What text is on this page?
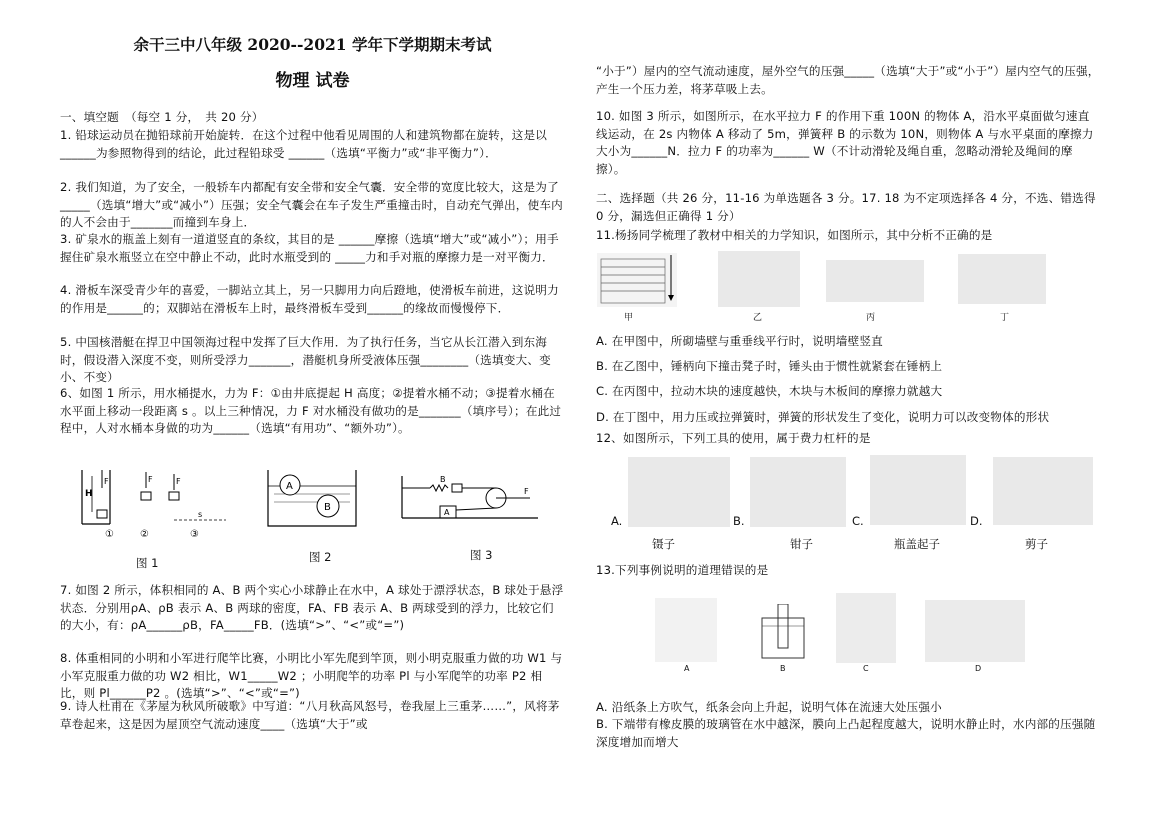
余干三中八年级 2020--2021 学年下学期期末考试
物理 试卷
一、填空题　（每空 1 分，　共 20 分）
1. 铅球运动员在抛铅球前开始旋转．在这个过程中他看见周围的人和建筑物都在旋转，这是以 ______为参照物得到的结论，此过程铅球受 ______（选填“平衡力”或“非平衡力”）．
2. 我们知道，为了安全，一般轿车内都配有安全带和安全气囊．安全带的宽度比较大，这是为了_____（选填“增大”或“减小”）压强；安全气囊会在车子发生严重撞击时，自动充气弹出，使车内的人不会由于_______而撞到车身上．
3. 矿泉水的瓶盖上刻有一道道竖直的条纹，其目的是 ______摩擦（选填“增大”或“减小”）；用手握住矿泉水瓶竖立在空中静止不动，此时水瓶受到的 _____力和手对瓶的摩擦力是一对平衡力．
4. 滑板车深受青少年的喜爱，一脚站立其上，另一只脚用力向后蹬地，使滑板车前进，这说明力的作用是______的；双脚站在滑板车上时，最终滑板车受到______的缘故而慢慢停下．
5. 中国核潜艇在捍卫中国领海过程中发挥了巨大作用．为了执行任务，当它从长江潜入到东海时，假设潜入深度不变，则所受浮力_______，潜艇机身所受液体压强________（选填变大、变小、不变）
6、如图 1 所示，用水桶提水，力为 F：①由井底提起 H 高度；②提着水桶不动；③提着水桶在水平面上移动一段距离 s 。以上三种情况，力 F 对水桶没有做功的是_______（填序号）；在此过程中，人对水桶本身做的功为______（选填“有用功”、“额外功”）。
H
F	F	F
s
①	②	③
图 1
A
B
图 2
B
A
F
图 3
7. 如图 2 所示，体积相同的 A、B 两个实心小球静止在水中，A 球处于漂浮状态，B 球处于悬浮状态．分别用ρA、ρB 表示 A、B 两球的密度，FA、FB 表示 A、B 两球受到的浮力，比较它们的大小，有：ρA______ρB，FA_____FB．(选填“>”、“<”或“=”)
8. 体重相同的小明和小军进行爬竿比赛，小明比小军先爬到竿顶，则小明克服重力做的功 W1 与小军克服重力做的功 W2 相比，W1_____W2 ；小明爬竿的功率 Pl 与小军爬竿的功率 P2 相比，则 Pl______P2 。(选填“>”、“<”或“=”)
9. 诗人杜甫在《茅屋为秋风所破歌》中写道：“八月秋高风怒号，卷我屋上三重茅……”，风将茅草卷起来，这是因为屋顶空气流动速度____（选填“大于”或
“小于”）屋内的空气流动速度，屋外空气的压强_____（选填“大于”或“小于”）屋内空气的压强，产生一个压力差，将茅草吸上去。
10. 如图 3 所示，如图所示，在水平拉力 F 的作用下重 100N 的物体 A，沿水平桌面做匀速直线运动，在 2s 内物体 A 移动了 5m，弹簧秤 B 的示数为 10N，则物体 A 与水平桌面的摩擦力大小为______N．拉力 F 的功率为______ W（不计动滑轮及绳自重，忽略动滑轮及绳间的摩擦）。
二、选择题（共 26 分，11-16 为单选题各 3 分。17. 18 为不定项选择各 4 分，不选、错选得 0 分，漏选但正确得 1 分）
11.杨扬同学梳理了教材中相关的力学知识，如图所示，其中分析不正确的是
甲	乙	丙	丁
A. 在甲图中，所砌墙壁与重垂线平行时，说明墙壁竖直
B. 在乙图中，锤柄向下撞击凳子时，锤头由于惯性就紧套在锤柄上
C. 在丙图中，拉动木块的速度越快，木块与木板间的摩擦力就越大
D. 在丁图中，用力压或拉弹簧时，弹簧的形状发生了变化，说明力可以改变物体的形状
12、如图所示，下列工具的使用，属于费力杠杆的是
A.	B.	C.	D.
镊子	钳子	瓶盖起子	剪子
13.下列事例说明的道理错误的是
A	B	C	D
A. 沿纸条上方吹气，纸条会向上升起，说明气体在流速大处压强小
B. 下端带有橡皮膜的玻璃管在水中越深，膜向上凸起程度越大，说明水静止时，水内部的压强随深度增加而增大
